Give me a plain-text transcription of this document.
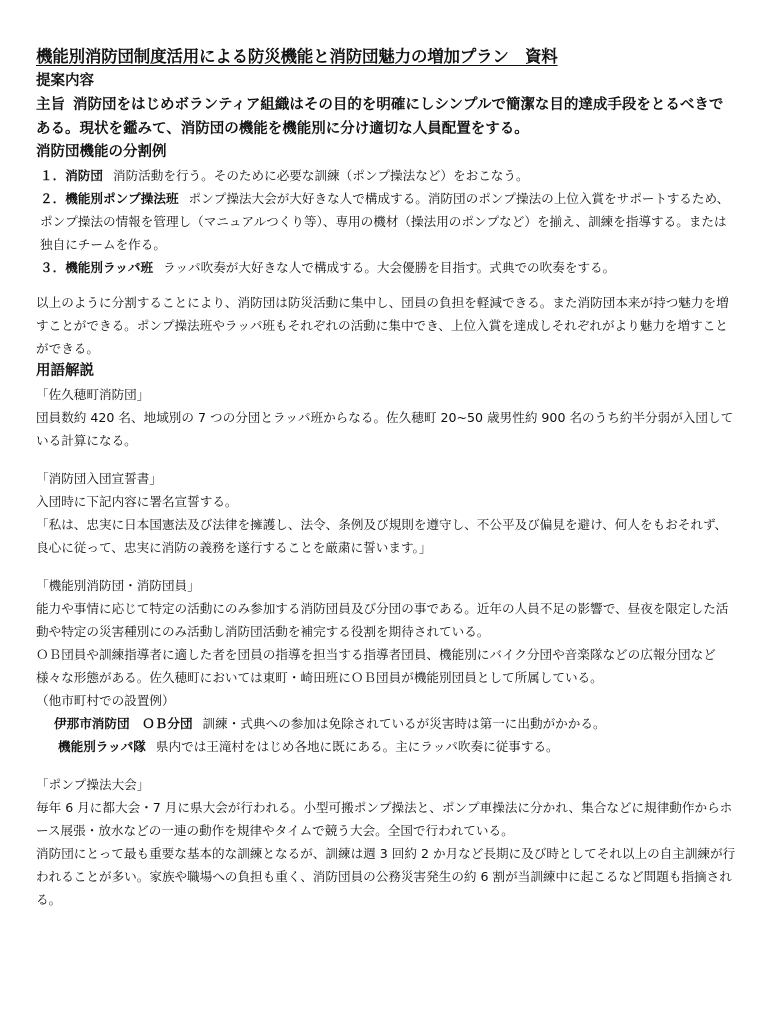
機能別消防団制度活用による防災機能と消防団魅力の増加プラン　資料
提案内容
主旨 消防団をはじめボランティア組織はその目的を明確にしシンプルで簡潔な目的達成手段をとるべきである。現状を鑑みて、消防団の機能を機能別に分け適切な人員配置をする。
消防団機能の分割例
１．消防団 消防活動を行う。そのために必要な訓練（ポンプ操法など）をおこなう。
２．機能別ポンプ操法班 ポンプ操法大会が大好きな人で構成する。消防団のポンプ操法の上位入賞をサポートするため、ポンプ操法の情報を管理し（マニュアルつくり等）、専用の機材（操法用のポンプなど）を揃え、訓練を指導する。または独自にチームを作る。
３．機能別ラッパ班 ラッパ吹奏が大好きな人で構成する。大会優勝を目指す。式典での吹奏をする。
以上のように分割することにより、消防団は防災活動に集中し、団員の負担を軽減できる。また消防団本来が持つ魅力を増すことができる。ポンプ操法班やラッパ班もそれぞれの活動に集中でき、上位入賞を達成しそれぞれがより魅力を増すことができる。
用語解説
「佐久穂町消防団」
団員数約 420 名、地域別の 7 つの分団とラッパ班からなる。佐久穂町 20~50 歳男性約 900 名のうち約半分弱が入団している計算になる。
「消防団入団宣誓書」
入団時に下記内容に署名宣誓する。
「私は、忠実に日本国憲法及び法律を擁護し、法令、条例及び規則を遵守し、不公平及び偏見を避け、何人をもおそれず、良心に従って、忠実に消防の義務を遂行することを厳粛に誓います。」
「機能別消防団・消防団員」
能力や事情に応じて特定の活動にのみ参加する消防団員及び分団の事である。近年の人員不足の影響で、昼夜を限定した活動や特定の災害種別にのみ活動し消防団活動を補完する役割を期待されている。
ＯＢ団員や訓練指導者に適した者を団員の指導を担当する指導者団員、機能別にバイク分団や音楽隊などの広報分団など様々な形態がある。佐久穂町においては東町・崎田班にＯＢ団員が機能別団員として所属している。
（他市町村での設置例）
伊那市消防団　ＯＢ分団 訓練・式典への参加は免除されているが災害時は第一に出動がかかる。
機能別ラッパ隊 県内では王滝村をはじめ各地に既にある。主にラッパ吹奏に従事する。
「ポンプ操法大会」
毎年 6 月に都大会・7 月に県大会が行われる。小型可搬ポンプ操法と、ポンプ車操法に分かれ、集合などに規律動作からホース展張・放水などの一連の動作を規律やタイムで競う大会。全国で行われている。
消防団にとって最も重要な基本的な訓練となるが、訓練は週 3 回約 2 か月など長期に及び時としてそれ以上の自主訓練が行われることが多い。家族や職場への負担も重く、消防団員の公務災害発生の約 6 割が当訓練中に起こるなど問題も指摘される。
